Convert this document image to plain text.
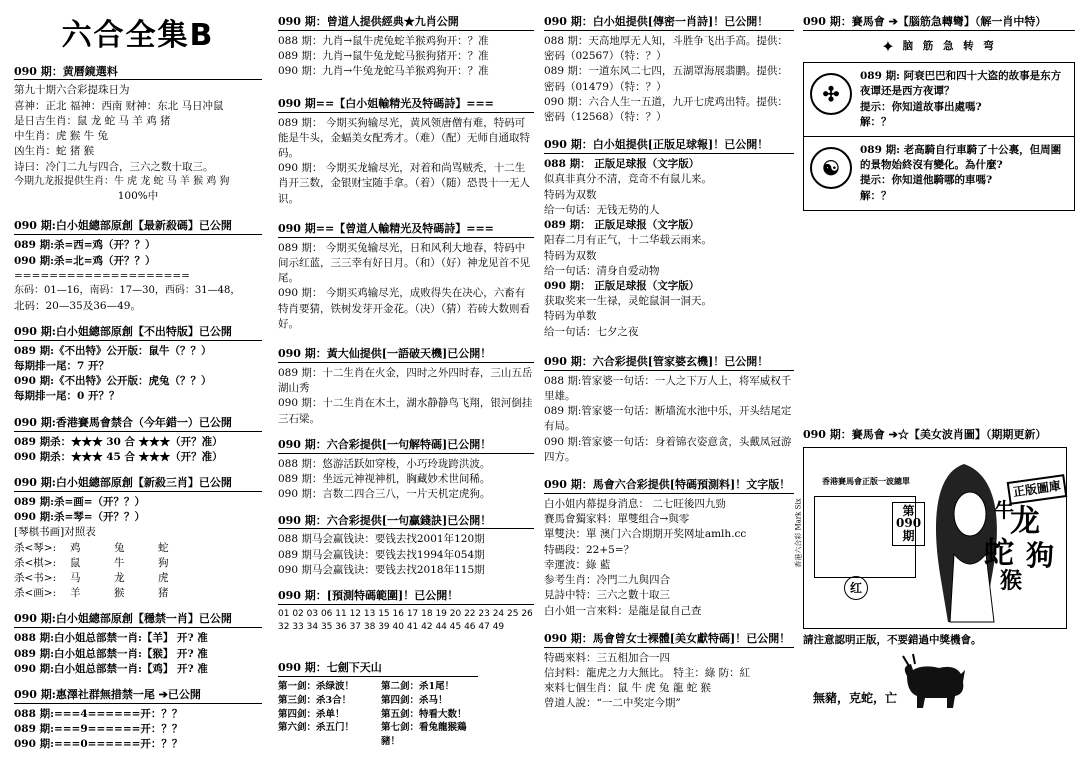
六合全集B
090 期：黄曆鏡選料
第九十期六合彩提珠日为
喜神：正北 福神：西南 财神：东北 马日冲鼠
是日吉生肖：鼠 龙 蛇 马 羊 鸡 猪
中生肖：虎 猴 牛 兔
凶生肖：蛇 猪 猴
诗曰：冷门二九与四合，三六之数十取三。
今期九龙报提供生肖：牛 虎 龙 蛇 马 羊 猴 鸡 狗
100%中
090 期:白小姐總部原創【最新殺碼】已公開
089 期:杀=西=鸡（开？？）
090 期:杀=北=鸡（开？？）
====================
东码：01—16，南码：17—30，西码：31—48，
北码：20—35及36—49。
090 期:白小姐總部原創【不出特版】已公開
089 期:《不出特》公开版：鼠牛（？？）
每期排一尾：7 开？
090 期:《不出特》公开版：虎兔（？？）
每期排一尾：0 开？？
090 期:香港賽馬會禁合（今年錯一）已公開
089 期杀：★★★ 30 合 ★★★（开？准）
090 期杀：★★★ 45 合 ★★★（开？准）
090 期:白小姐總部原創【新殺三肖】已公開
089 期:杀=画=（开？？）
090 期:杀=琴=（开？？）
[琴棋书画]对照表
杀<琴>:	鸡	兔	蛇
杀<棋>:	鼠	牛	狗
杀<书>:	马	龙	虎
杀<画>:	羊	猴	猪
090 期:白小姐總部原創【穩禁一肖】已公開
088 期:白小姐总部禁一肖:【羊】 开? 准
089 期:白小姐总部禁一肖:【猴】 开? 准
090 期:白小姐总部禁一肖:【鸡】 开? 准
090 期:惠澤社群無措禁一尾 ➔已公開
088 期:===4======开：？？
089 期:===9======开：？？
090 期:===0======开：？？
090 期：曾道人提供經典★九肖公開
088 期：九肖→鼠牛虎兔蛇羊猴鸡狗开：？准
089 期：九肖→鼠牛兔龙蛇马猴狗猪开：？准
090 期：九肖→牛兔龙蛇马羊猴鸡狗开：？准
090 期==【白小姐輸精光及特碼詩】===
089 期： 今期买狗输尽光，黄风领唐僧有难，特码可能是牛头，金蝠美女配秀才。（难）（配）无师自通取特码。
090 期： 今期买龙输尽光，对着和尚骂贼秃，十二生肖开三数，金银财宝随手拿。（着）（随）恐畏十一无人识。
090 期==【曾道人輸精光及特碼詩】===
089 期： 今期买兔输尽光，日和风利大地春，特码中间示红蓝，三三幸有好日月。（和）（好）神龙见首不见尾。
090 期： 今期买鸡输尽光，成败得失在决心，六畜有特肖要猜，铁树发芽开金花。（决）（猜）若砖大数则看好。
090 期：黃大仙提供[一語破天機]已公開！
089 期：十二生肖在火金，四时之外四时春，三山五岳湖山秀
090 期：十二生肖在木土，湖水静静鸟飞翔，银河倒挂三石梁。
090 期：六合彩提供[一句解特碼]已公開！
088 期：悠游活跃如穿梭，小巧玲珑跨洪波。
089 期：坐远元神视神机，胸藏妙术世间稀。
090 期：言数二四合三八，一片天机定虎狗。
090 期：六合彩提供[一句贏錢訣]已公開！
088 期马会赢钱诀：要钱去找2001年120期
089 期马会赢钱诀：要钱去找1994年054期
090 期马会赢钱诀：要钱去找2018年115期
090 期：[預測特碼範圍]！已公開！
01 02 03 06 11 12 13 15 16 17 18 19 20 22 23 24 25 26
32 33 34 35 36 37 38 39 40 41 42 44 45 46 47 49
090 期：七劍下天山
第一剑：杀绿波！	第二剑：杀1尾！
第三剑：杀3合！	第四剑：杀马！
第四剑：杀单！	第五剑：特看大数！
第六剑：杀五门！	第七剑：看兔龍猴鶏豬！
090 期：白小姐提供[傳密一肖詩]！已公開！
088 期：天高地厚无人知，斗胜争飞出手高。提供：密码（02567）（特：？）
089 期：一道东风二七四，五湖罩海展翡鹏。提供：密码（01479）（特：？）
090 期：六合人生一五道，九开七虎鸡出特。提供：密码（12568）（特：？）
090 期：白小姐提供[正版足球報]！已公開！
088 期： 正版足球报（文字版）
似真非真分不清，竞奇不有鼠儿来。
特码为双数
给一句话：无钱无势的人
089 期： 正版足球报（文字版）
阳春二月有正气，十二华载云雨来。
特码为双数
给一句话：清身自爱动物
090 期： 正版足球报（文字版）
获取奖来一生禄，灵蛇鼠洞一洞天。
特码为单数
给一句话：七夕之夜
090 期：六合彩提供[管家婆玄機]！已公開！
088 期:管家婆一句话：一人之下万人上，将军威权千里雄。
089 期:管家婆一句话：断墙流水池中乐，开头结尾定有局。
090 期:管家婆一句话：身着锦衣姿意贪，头戴凤冠游四方。
090 期：馬會六合彩提供[特碼預測料]！文字版！
白小姐内幕提身消息： 二七旺後四九勁
賽馬會獨家料：單雙组合→與零
單雙決：單 澳门六合期期开奖网址amlh.cc
特碼段：22+5=？
幸運波：綠 藍
参考生肖：冷門二九與四合
見詩中特：三六之數十取三
白小姐一言來料：是龍是鼠自己查
090 期：馬會曾女士裸體[美女獻特碼]！已公開！
特碼來料：三五相加合一四
信封料：龍虎之力大無比。 特主：綠 防：紅
來料七個生肖：鼠 牛 虎 兔 龍 蛇 猴
曾道人說：“一二中奖定今期”
090 期：賽馬會 ➔【腦筋急轉彎】（解一肖中特）
✦ 脑 筋 急 转 弯
✣
089 期: 阿衰巴巴和四十大盗的故事是东方夜谭还是西方夜谭？
提示：你知道故事出處嗎?
解：？
☯
089 期: 老高騎自行車騎了十公裏，但周圍的景物始終沒有變化。為什麼?
提示：你知道他騎哪的車嗎?
解：？
090 期：賽馬會 ➔☆【美女波肖圖】（期期更新）
香港賽馬會正版一波總單
香港六合彩 Mark Six	第
090
期
红
正版圖庫
龙
蛇 狗
牛
猴
請注意認明正版，不要錯過中獎機會。
無豬，克蛇，亡
